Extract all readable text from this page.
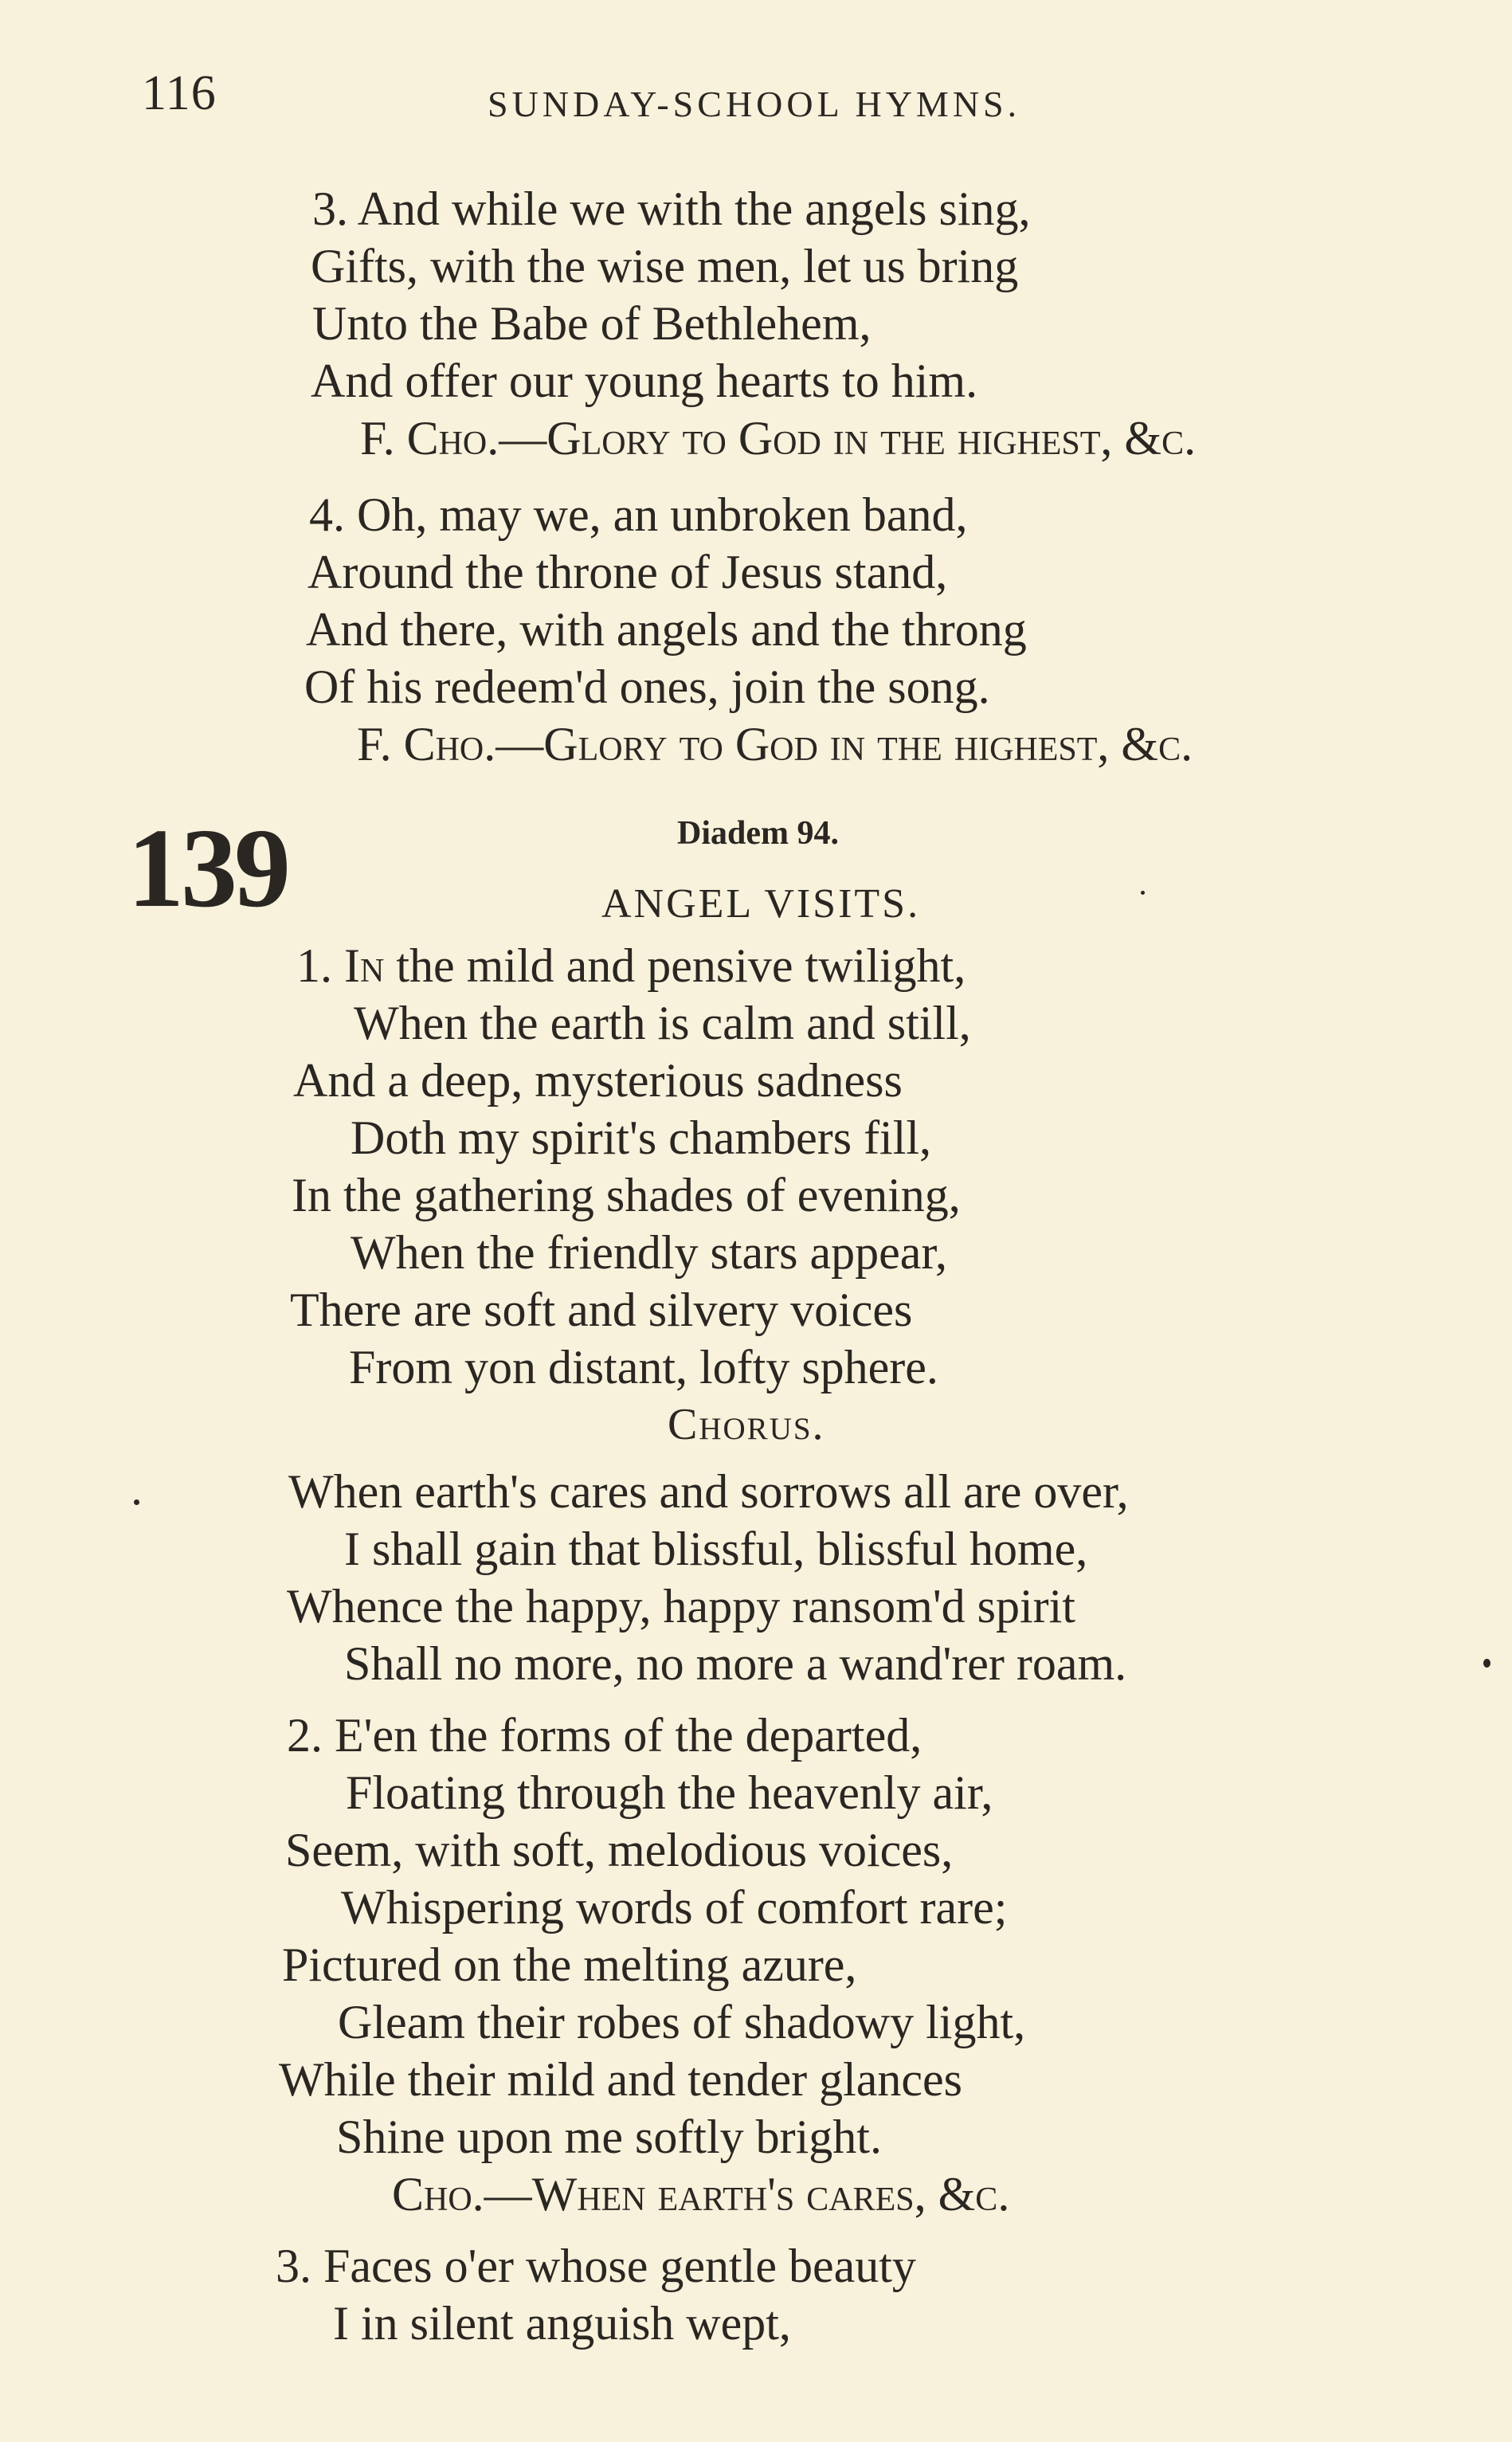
116	SUNDAY-SCHOOL HYMNS.
3. And while we with the angels sing,
Gifts, with the wise men, let us bring
Unto the Babe of Bethlehem,
And offer our young hearts to him.
F. Cho.—Glory to God in the highest, &c.
4. Oh, may we, an unbroken band,
Around the throne of Jesus stand,
And there, with angels and the throng
Of his redeem'd ones, join the song.
F. Cho.—Glory to God in the highest, &c.
139	Diadem 94.
ANGEL VISITS.
1. In the mild and pensive twilight,
When the earth is calm and still,
And a deep, mysterious sadness
Doth my spirit's chambers fill,
In the gathering shades of evening,
When the friendly stars appear,
There are soft and silvery voices
From yon distant, lofty sphere.
Chorus.
When earth's cares and sorrows all are over,
I shall gain that blissful, blissful home,
Whence the happy, happy ransom'd spirit
Shall no more, no more a wand'rer roam.
2. E'en the forms of the departed,
Floating through the heavenly air,
Seem, with soft, melodious voices,
Whispering words of comfort rare;
Pictured on the melting azure,
Gleam their robes of shadowy light,
While their mild and tender glances
Shine upon me softly bright.
Cho.—When earth's cares, &c.
3. Faces o'er whose gentle beauty
I in silent anguish wept,
